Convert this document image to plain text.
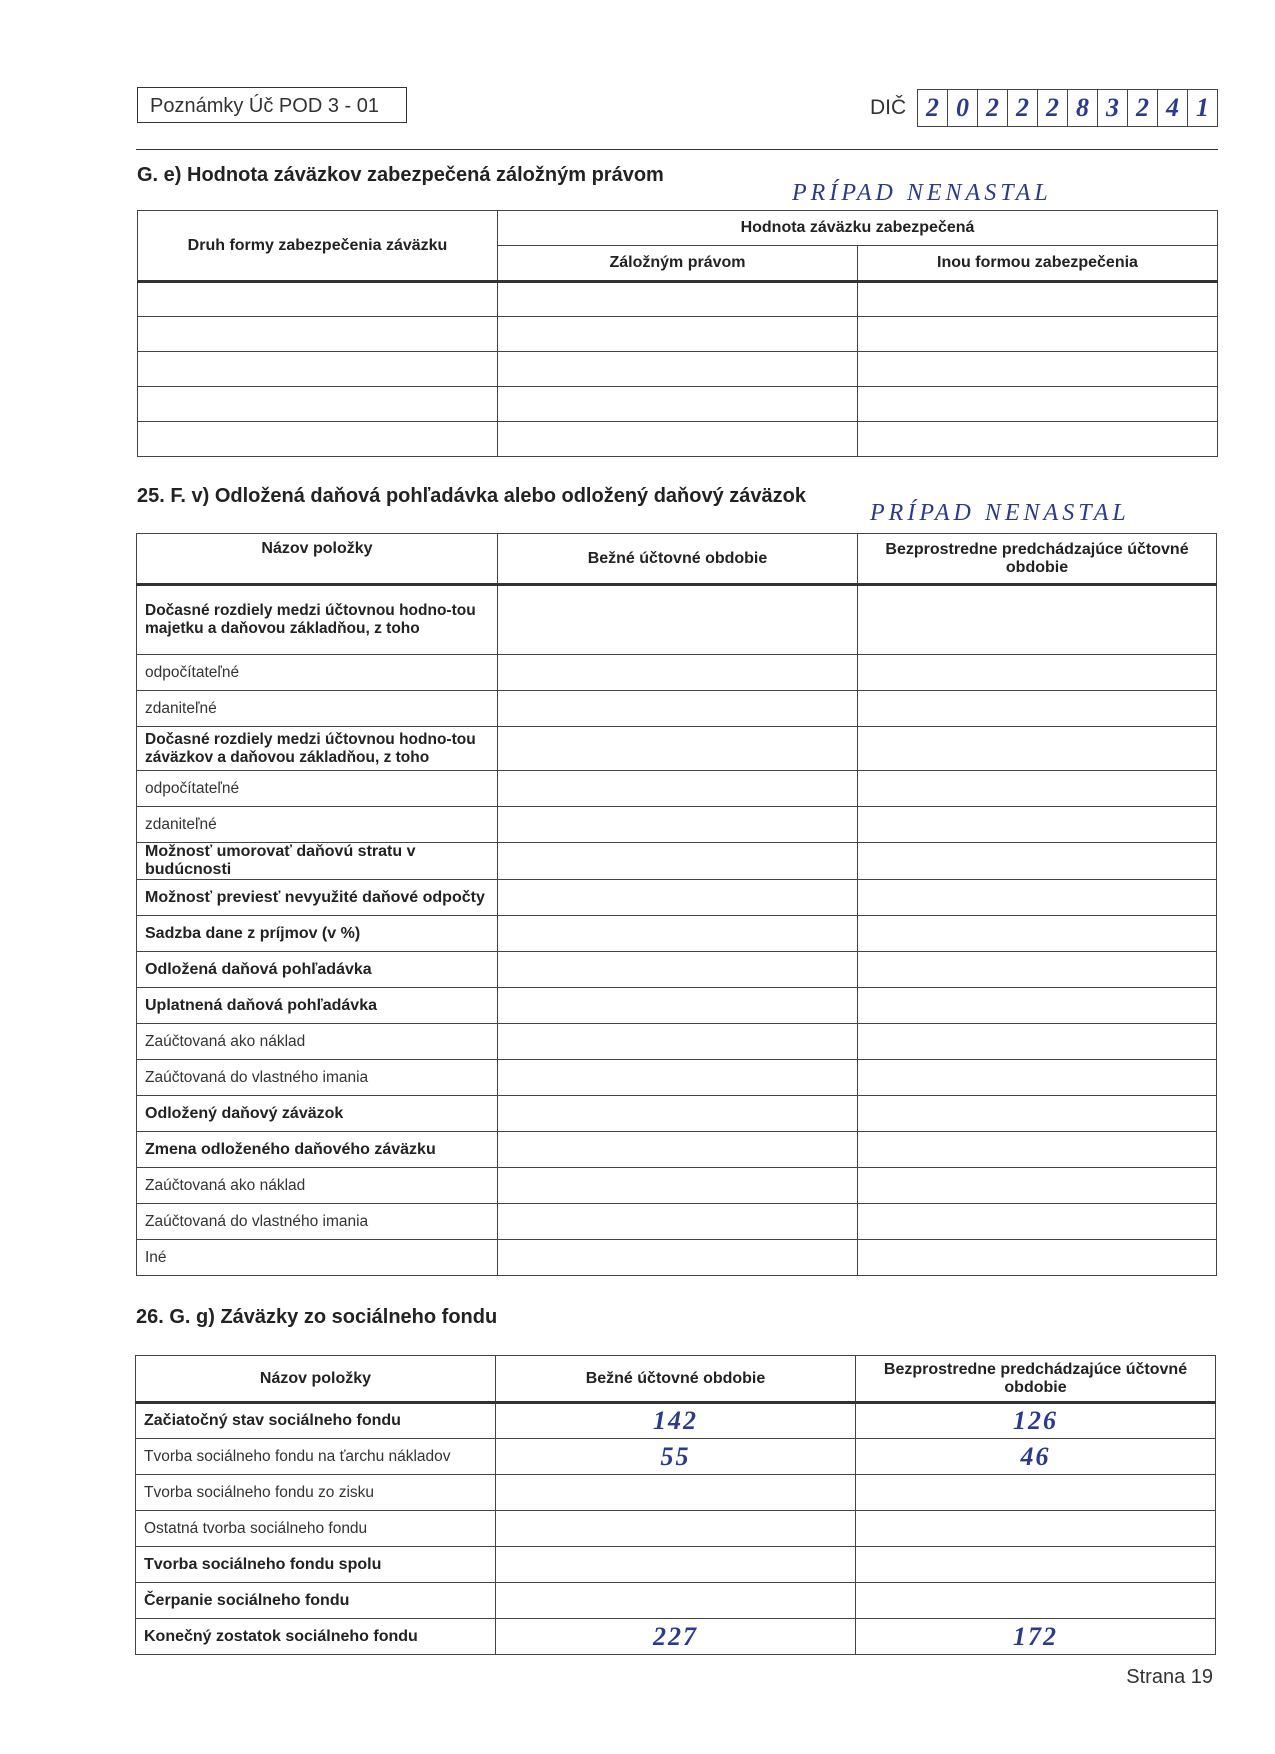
Poznámky Úč POD 3 - 01	DIČ 2 0 2 2 2 8 3 2 4 1
G. e) Hodnota záväzkov zabezpečená záložným právom
PRÍPAD NENASTAL
Druh formy zabezpečenia záväzku	Hodnota záväzku zabezpečená	
	Záložným právom	Inou formou zabezpečenia

25. F. v) Odložená daňová pohľadávka alebo odložený daňový záväzok
PRÍPAD NENASTAL
Názov položky	Bežné účtovné obdobie	Bezprostredne predchádzajúce účtovné obdobie
Dočasné rozdiely medzi účtovnou hodno-tou majetku a daňovou základňou, z toho		
odpočítateľné		
zdaniteľné		
Dočasné rozdiely medzi účtovnou hodno-tou záväzkov a daňovou základňou, z toho		
odpočítateľné		
zdaniteľné		
Možnosť umorovať daňovú stratu v budúcnosti		
Možnosť previesť nevyužité daňové odpočty		
Sadzba dane z príjmov (v %)		
Odložená daňová pohľadávka		
Uplatnená daňová pohľadávka		
Zaúčtovaná ako náklad		
Zaúčtovaná do vlastného imania		
Odložený daňový záväzok		
Zmena odloženého daňového záväzku		
Zaúčtovaná ako náklad		
Zaúčtovaná do vlastného imania		
Iné		
26. G. g) Záväzky zo sociálneho fondu
Názov položky	Bežné účtovné obdobie	Bezprostredne predchádzajúce účtovné obdobie
Začiatočný stav sociálneho fondu	142	126
Tvorba sociálneho fondu na ťarchu nákladov	55	46
Tvorba sociálneho fondu zo zisku		
Ostatná tvorba sociálneho fondu		
Tvorba sociálneho fondu spolu		
Čerpanie sociálneho fondu		
Konečný zostatok sociálneho fondu	227	172
Strana 19
